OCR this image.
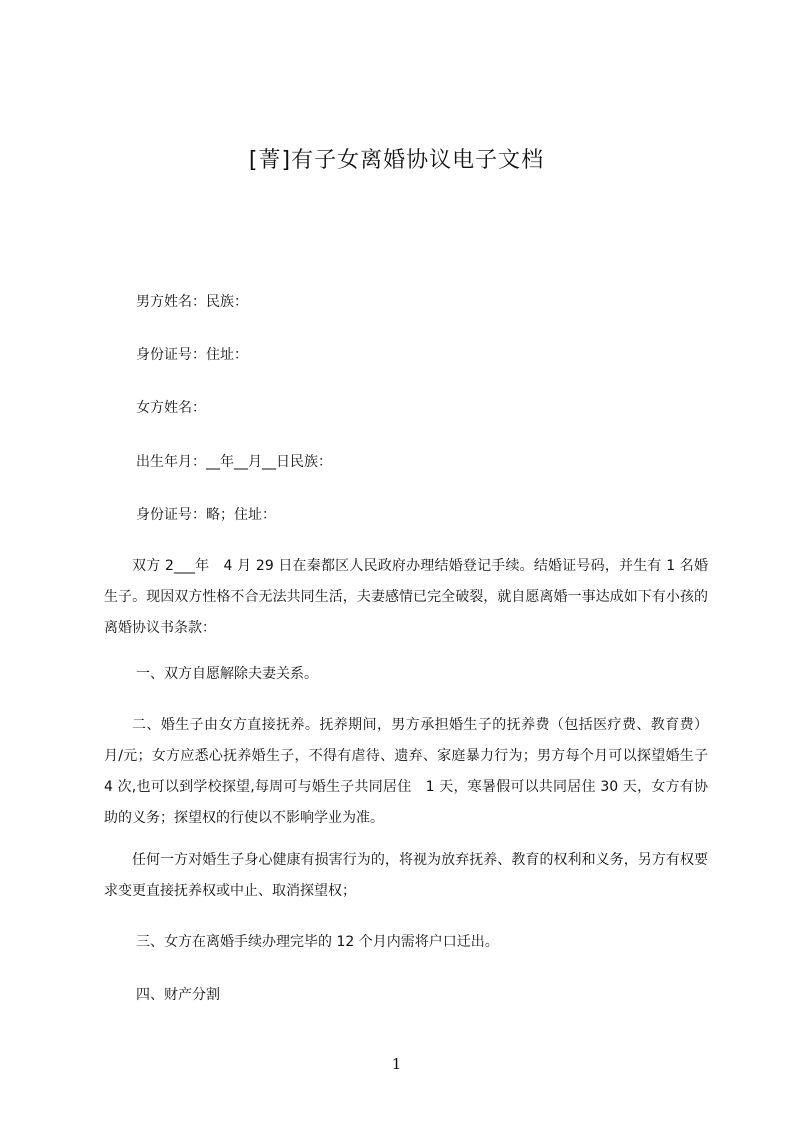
[菁]有子女离婚协议电子文档
男方姓名：民族：
身份证号：住址：
女方姓名：
出生年月：__年__月__日民族：
身份证号：略；住址：
双方 2___年　4 月 29 日在秦都区人民政府办理结婚登记手续。结婚证号码，并生有 1 名婚生子。现因双方性格不合无法共同生活，夫妻感情已完全破裂，就自愿离婚一事达成如下有小孩的离婚协议书条款：
一、双方自愿解除夫妻关系。
二、婚生子由女方直接抚养。抚养期间，男方承担婚生子的抚养费（包括医疗费、教育费）月/元；女方应悉心抚养婚生子，不得有虐待、遗弃、家庭暴力行为；男方每个月可以探望婚生子 4 次,也可以到学校探望,每周可与婚生子共同居住　1 天，寒暑假可以共同居住 30 天，女方有协助的义务；探望权的行使以不影响学业为准。
任何一方对婚生子身心健康有损害行为的，将视为放弃抚养、教育的权利和义务，另方有权要求变更直接抚养权或中止、取消探望权；
三、女方在离婚手续办理完毕的 12 个月内需将户口迁出。
四、财产分割
1
